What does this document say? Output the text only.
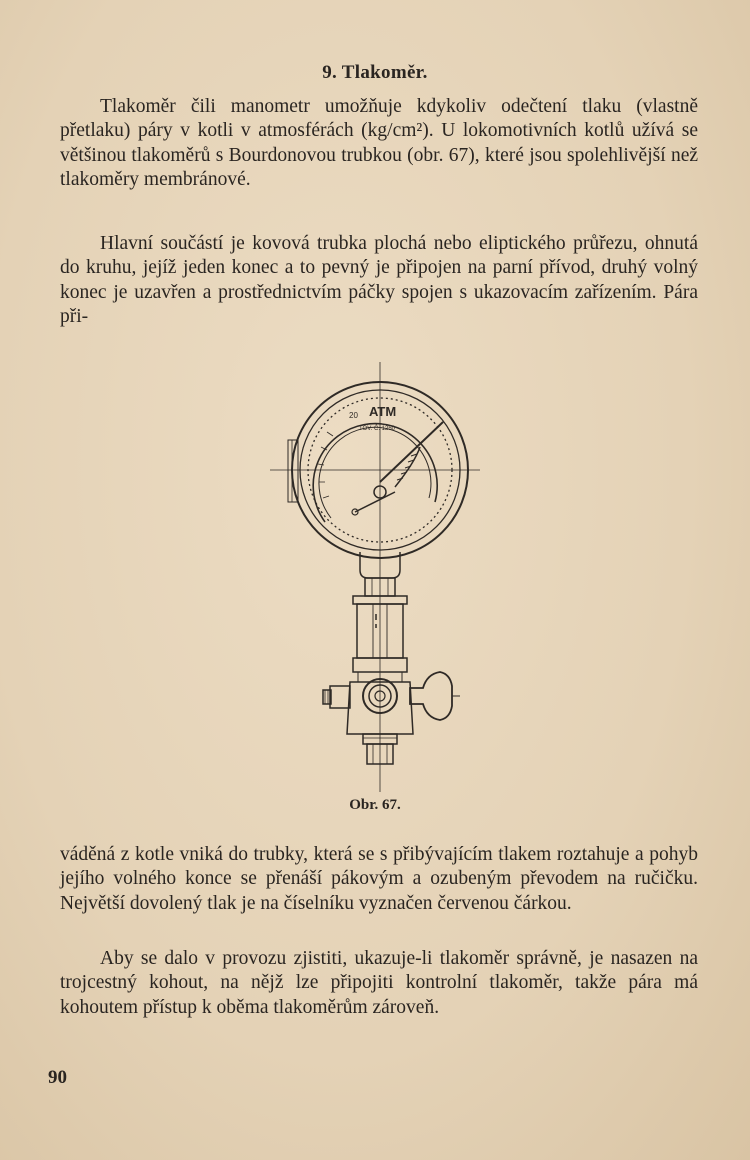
9. Tlakoměr.

Tlakoměr čili manometr umožňuje kdykoliv odečtení tlaku (vlastně přetlaku) páry v kotli v atmosférách (kg/cm²). U lokomotivních kotlů užívá se většinou tlakoměrů s Bourdonovou trubkou (obr. 67), které jsou spolehlivější než tlakoměry membránové.

Hlavní součástí je kovová trubka plochá nebo eliptického průřezu, ohnutá do kruhu, jejíž jeden konec a to pevný je připojen na parní přívod, druhý volný konec je uzavřen a prostřednictvím páčky spojen s ukazovacím zařízením. Pára při-

ATM
20
TOV. Č. 1250
Obr. 67.

váděná z kotle vniká do trubky, která se s přibývajícím tlakem roztahuje a pohyb jejího volného konce se přenáší pákovým a ozubeným převodem na ručičku. Největší dovolený tlak je na číselníku vyznačen červenou čárkou.

Aby se dalo v provozu zjistiti, ukazuje-li tlakoměr správně, je nasazen na trojcestný kohout, na nějž lze připojiti kontrolní tlakoměr, takže pára má kohoutem přístup k oběma tlakoměrům zároveň.

90
